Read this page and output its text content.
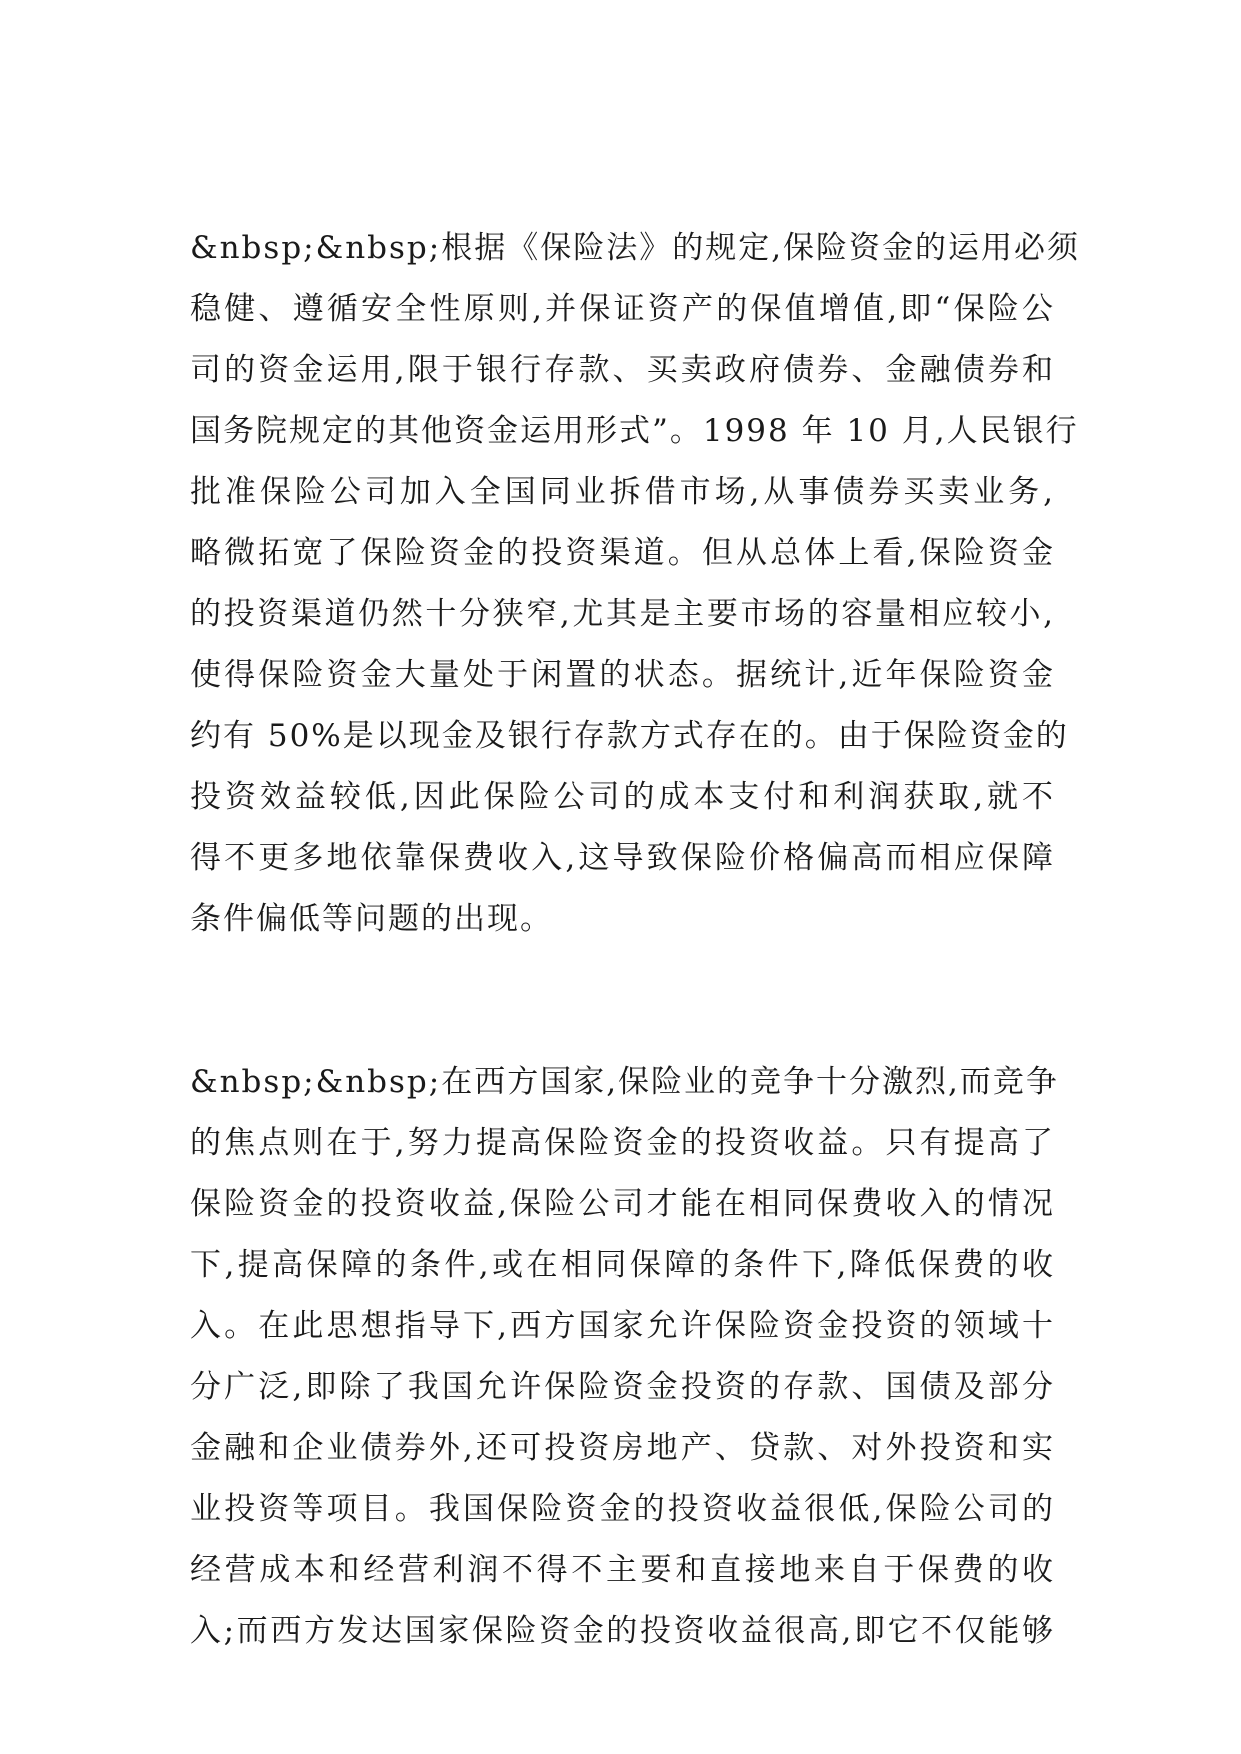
&nbsp;&nbsp;根据《保险法》的规定,保险资金的运用必须
稳健、遵循安全性原则,并保证资产的保值增值,即“保险公
司的资金运用,限于银行存款、买卖政府债券、金融债券和
国务院规定的其他资金运用形式”。1998 年 10 月,人民银行
批准保险公司加入全国同业拆借市场,从事债券买卖业务,
略微拓宽了保险资金的投资渠道。但从总体上看,保险资金
的投资渠道仍然十分狭窄,尤其是主要市场的容量相应较小,
使得保险资金大量处于闲置的状态。据统计,近年保险资金
约有 50%是以现金及银行存款方式存在的。由于保险资金的
投资效益较低,因此保险公司的成本支付和利润获取,就不
得不更多地依靠保费收入,这导致保险价格偏高而相应保障
条件偏低等问题的出现。
&nbsp;&nbsp;在西方国家,保险业的竞争十分激烈,而竞争
的焦点则在于,努力提高保险资金的投资收益。只有提高了
保险资金的投资收益,保险公司才能在相同保费收入的情况
下,提高保障的条件,或在相同保障的条件下,降低保费的收
入。在此思想指导下,西方国家允许保险资金投资的领域十
分广泛,即除了我国允许保险资金投资的存款、国债及部分
金融和企业债券外,还可投资房地产、贷款、对外投资和实
业投资等项目。我国保险资金的投资收益很低,保险公司的
经营成本和经营利润不得不主要和直接地来自于保费的收
入;而西方发达国家保险资金的投资收益很高,即它不仅能够
